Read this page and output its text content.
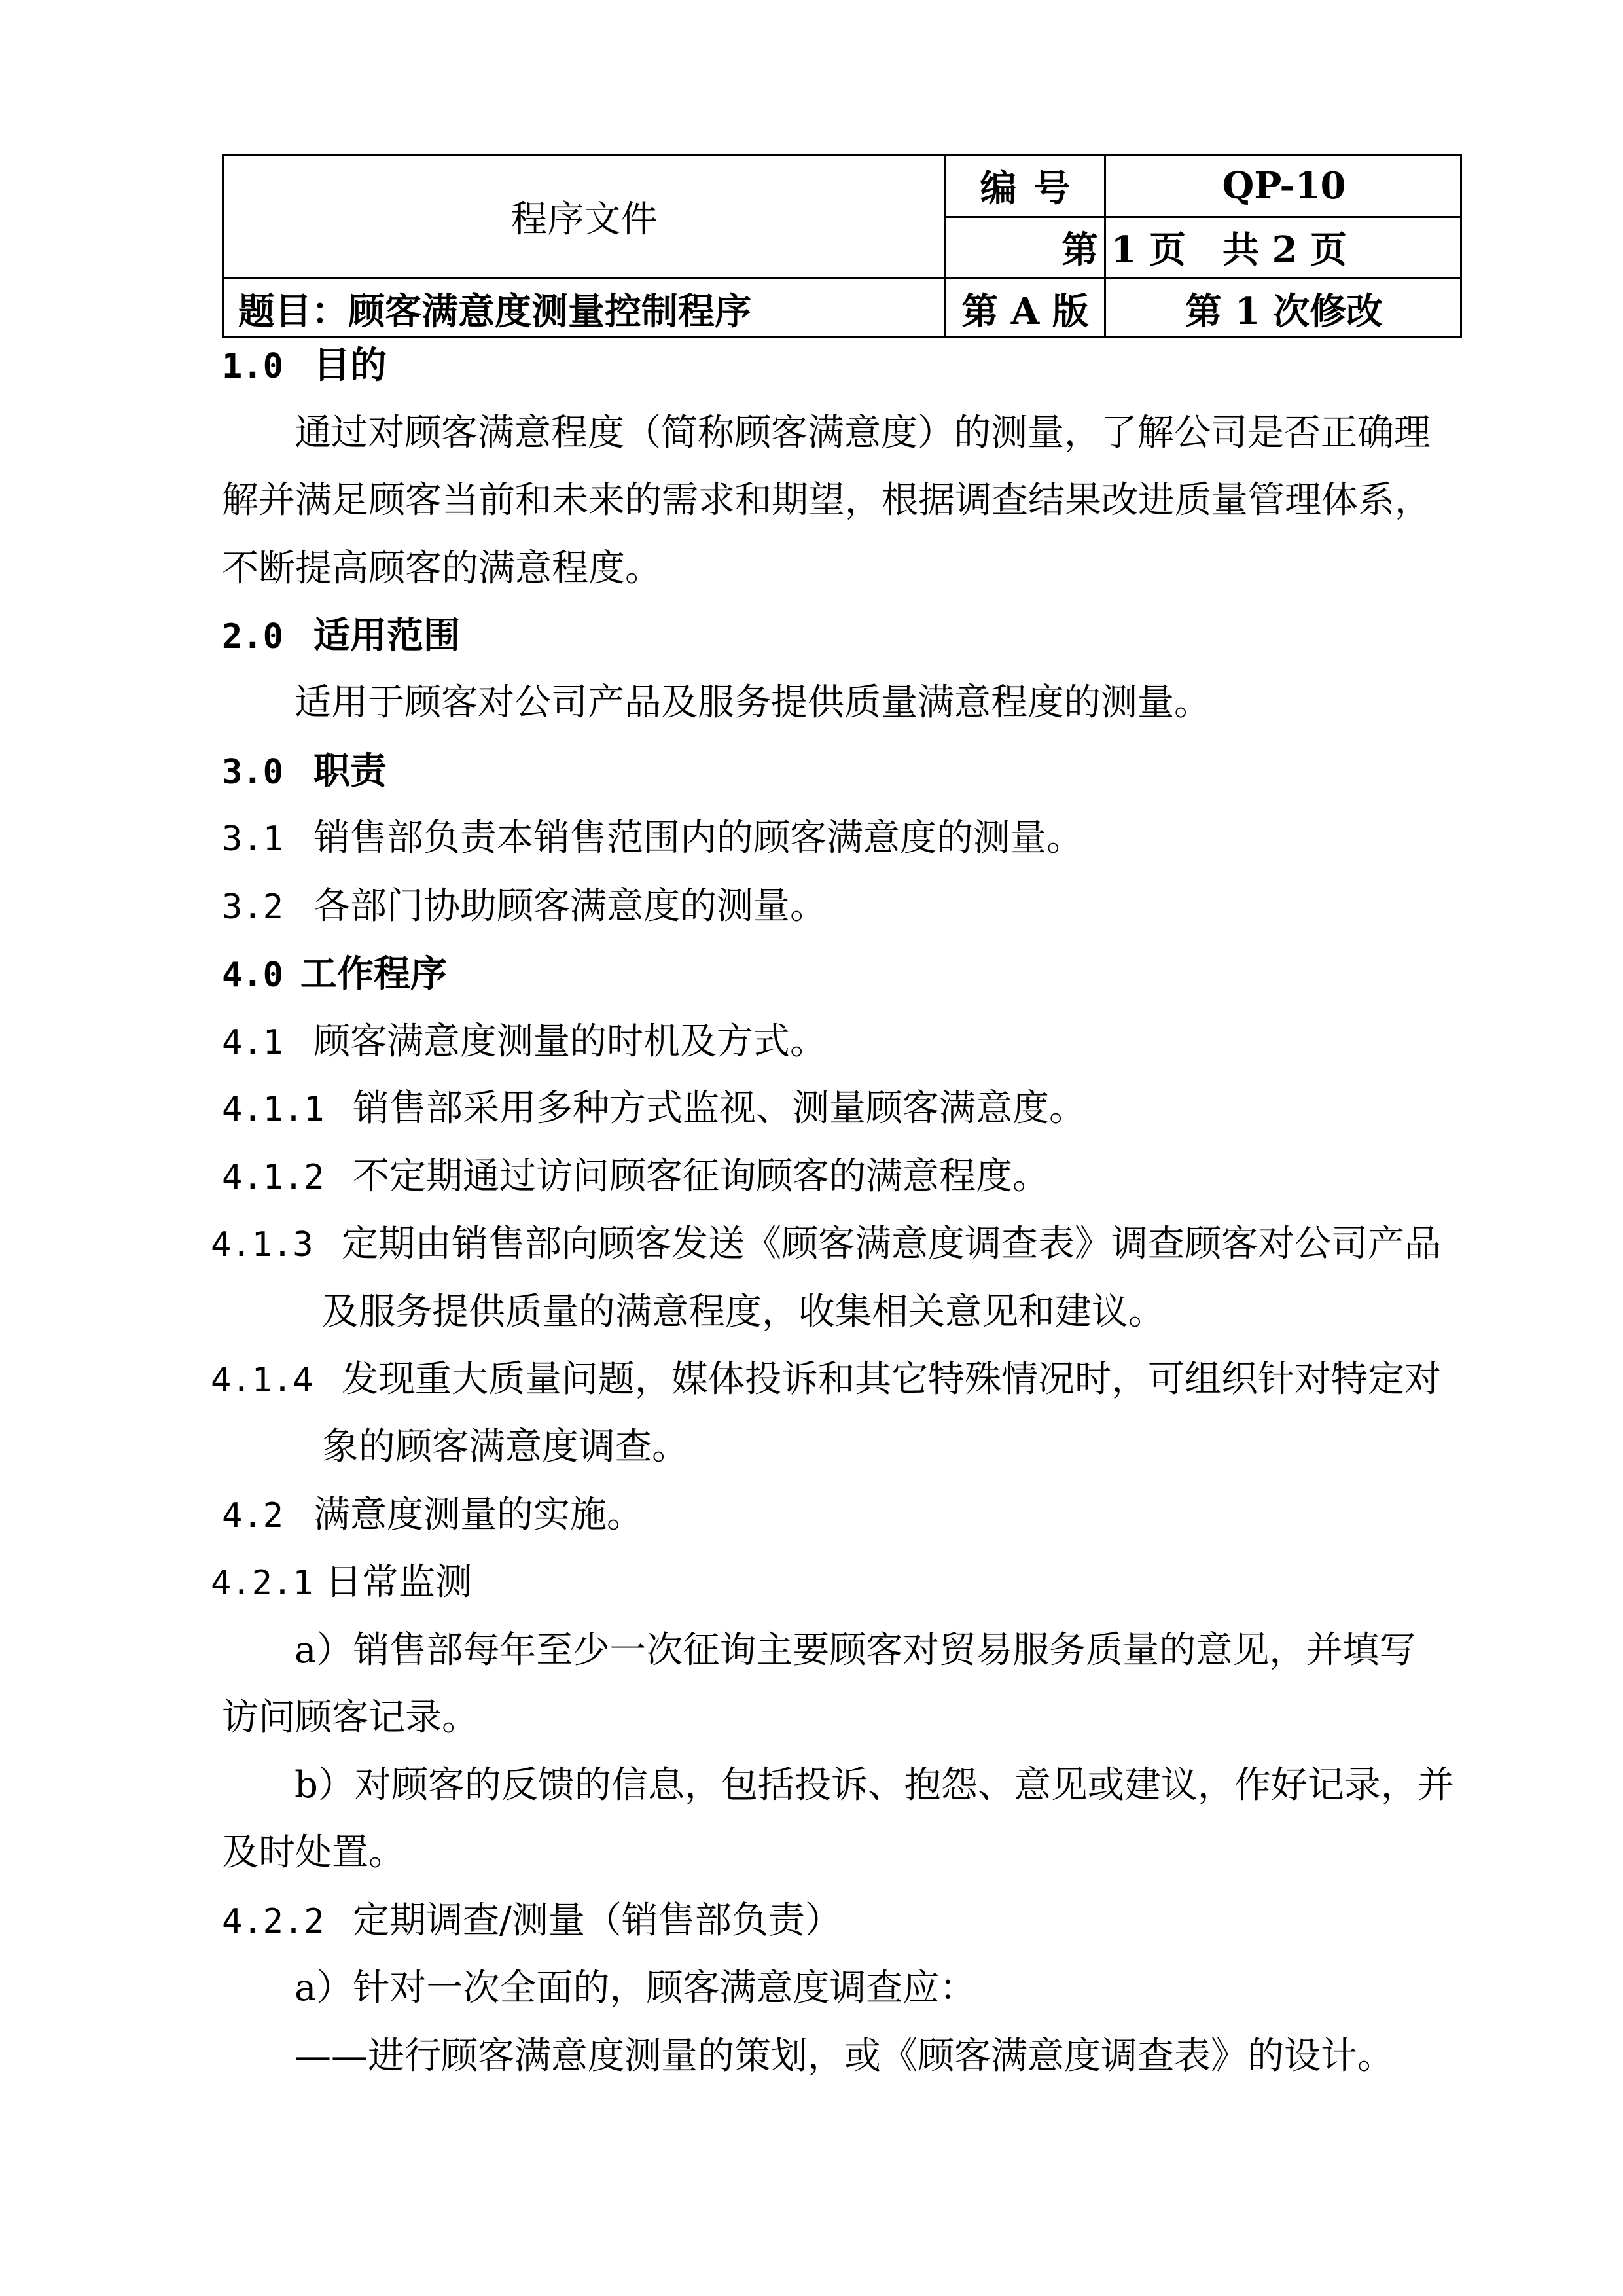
程序文件
编号	QP-10
第 1 页　共 2 页
题目：顾客满意度测量控制程序	第 A 版	第 1 次修改
1.0 目的
通过对顾客满意程度（简称顾客满意度）的测量，了解公司是否正确理
解并满足顾客当前和未来的需求和期望，根据调查结果改进质量管理体系，
不断提高顾客的满意程度。
2.0 适用范围
适用于顾客对公司产品及服务提供质量满意程度的测量。
3.0 职责
3.1 销售部负责本销售范围内的顾客满意度的测量。
3.2 各部门协助顾客满意度的测量。
4.0 工作程序
4.1 顾客满意度测量的时机及方式。
4.1.1 销售部采用多种方式监视、测量顾客满意度。
4.1.2 不定期通过访问顾客征询顾客的满意程度。
4.1.3 定期由销售部向顾客发送《顾客满意度调查表》调查顾客对公司产品
及服务提供质量的满意程度，收集相关意见和建议。
4.1.4 发现重大质量问题，媒体投诉和其它特殊情况时，可组织针对特定对
象的顾客满意度调查。
4.2 满意度测量的实施。
4.2.1 日常监测
a）销售部每年至少一次征询主要顾客对贸易服务质量的意见，并填写
访问顾客记录。
b）对顾客的反馈的信息，包括投诉、抱怨、意见或建议，作好记录，并
及时处置。
4.2.2 定期调查/测量（销售部负责）
a）针对一次全面的，顾客满意度调查应：
——进行顾客满意度测量的策划，或《顾客满意度调查表》的设计。
